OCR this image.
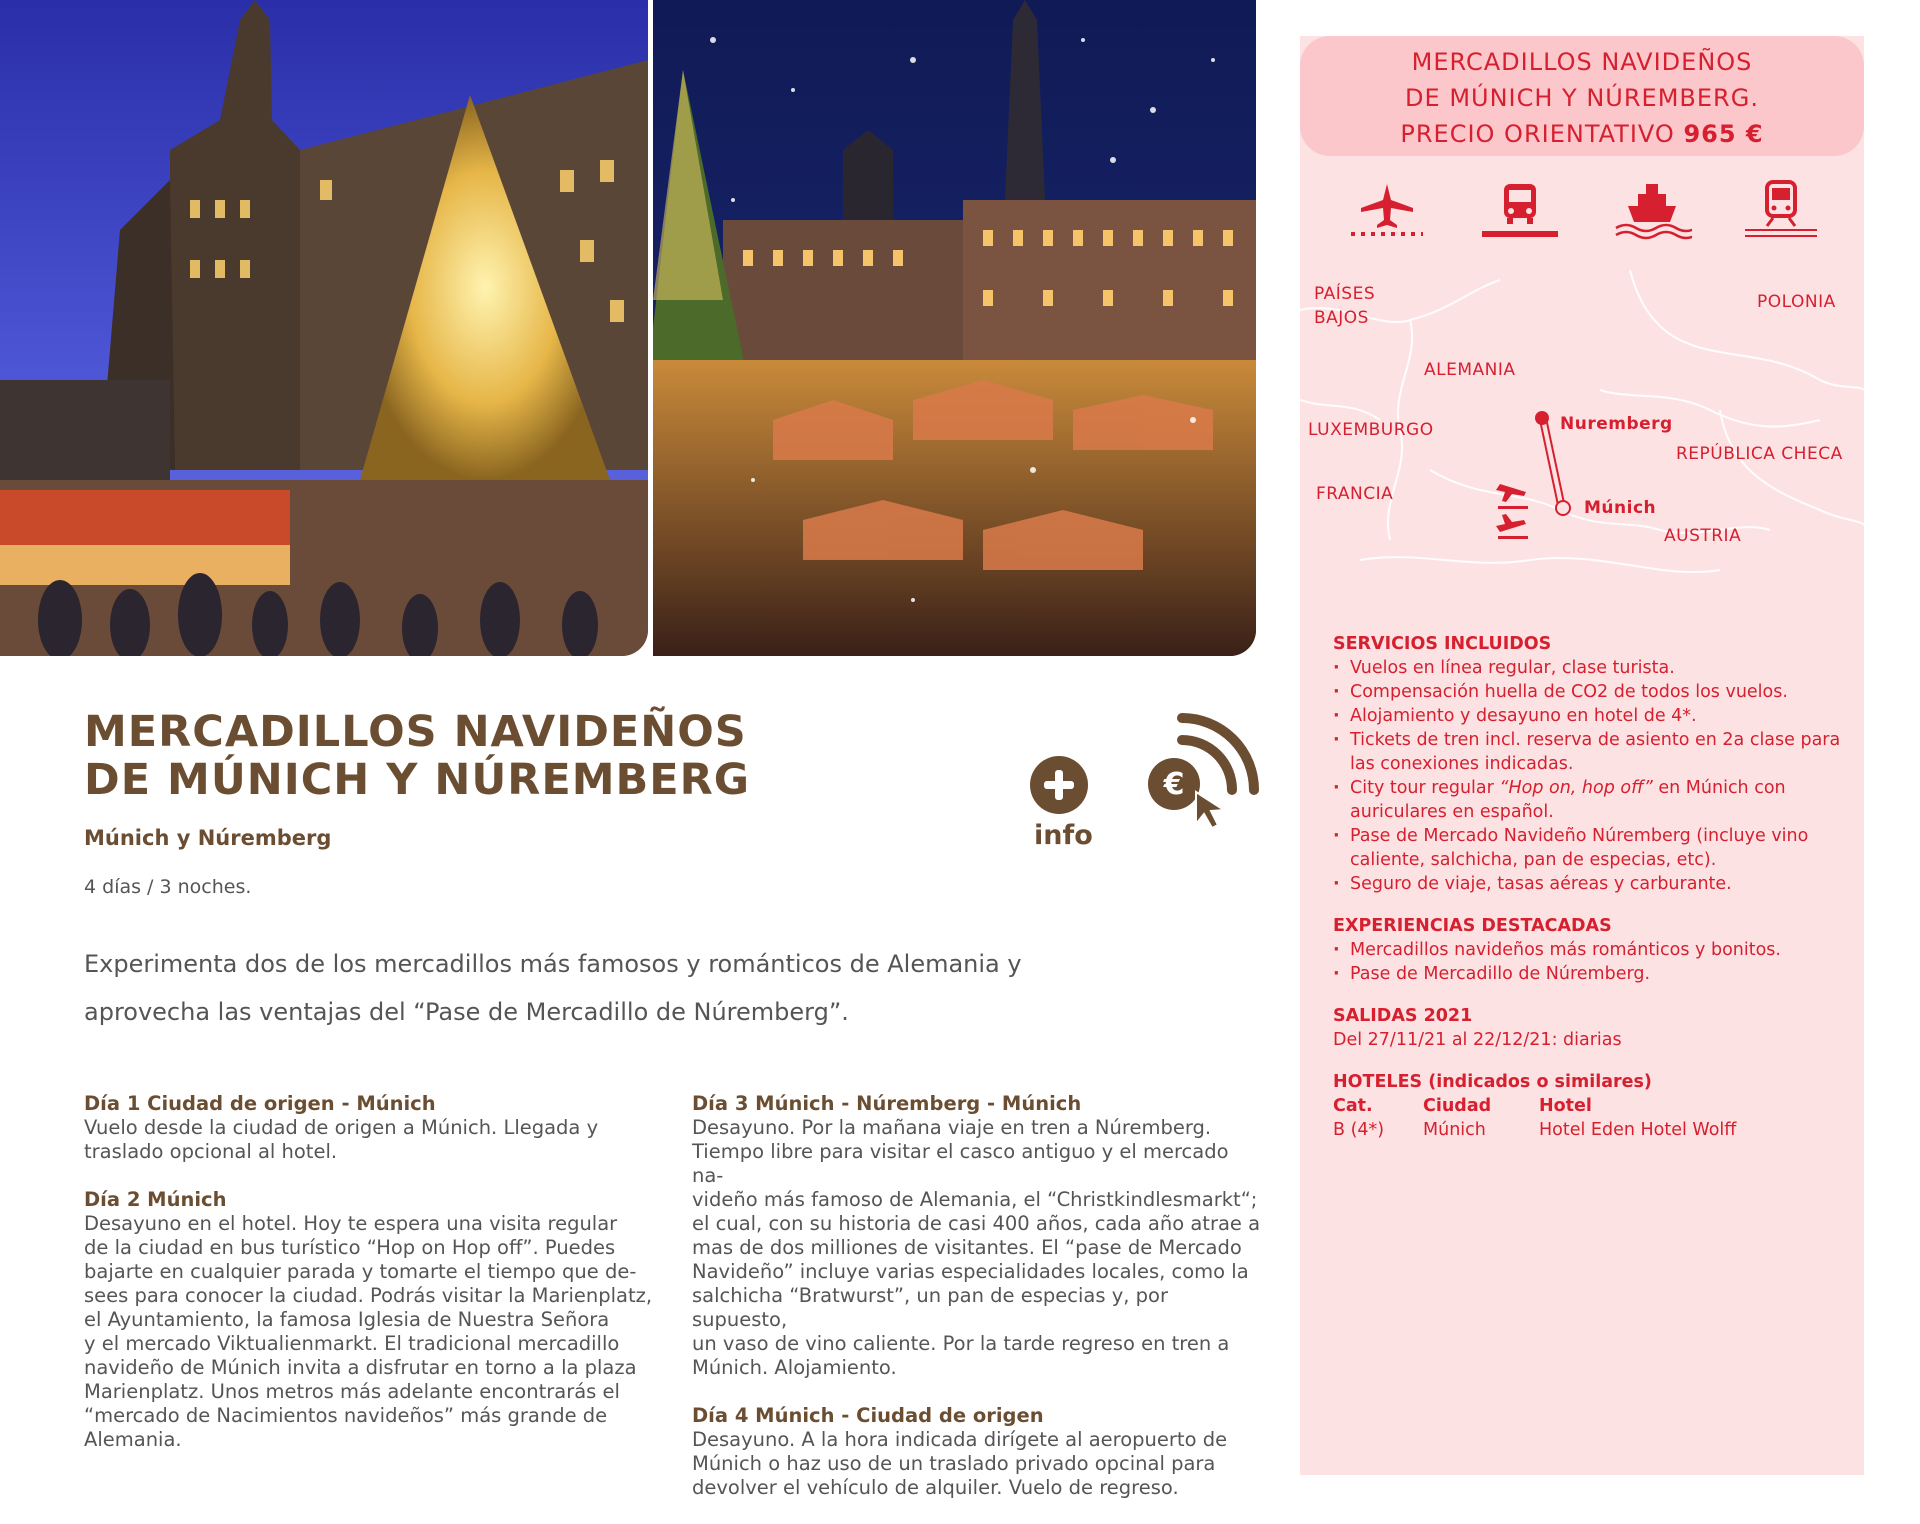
MERCADILLOS NAVIDEÑOS
DE MÚNICH Y NÚREMBERG
Múnich y Núremberg
4 días / 3 noches.
Experimenta dos de los mercadillos más famosos y románticos de Alemania y
aprovecha las ventajas del “Pase de Mercadillo de Núremberg”.
info
€
Día 1 Ciudad de origen - Múnich

Vuelo desde la ciudad de origen a Múnich. Llegada y
traslado opcional al hotel.

Día 2 Múnich

Desayuno en el hotel. Hoy te espera una visita regular
de la ciudad en bus turístico “Hop on Hop off”. Puedes
bajarte en cualquier parada y tomarte el tiempo que de-
sees para conocer la ciudad. Podrás visitar la Marienplatz,
el Ayuntamiento, la famosa Iglesia de Nuestra Señora
y el mercado Viktualienmarkt. El tradicional mercadillo
navideño de Múnich invita a disfrutar en torno a la plaza
Marienplatz. Unos metros más adelante encontrarás el
“mercado de Nacimientos navideños” más grande de
Alemania.

Día 3 Múnich - Núremberg - Múnich

Desayuno. Por la mañana viaje en tren a Núremberg.
Tiempo libre para visitar el casco antiguo y el mercado na-
videño más famoso de Alemania, el “Christkindlesmarkt“;
el cual, con su historia de casi 400 años, cada año atrae a
mas de dos milliones de visitantes. El “pase de Mercado
Navideño” incluye varias especialidades locales, como la
salchicha “Bratwurst”, un pan de especias y, por supuesto,
un vaso de vino caliente. Por la tarde regreso en tren a
Múnich. Alojamiento.

Día 4 Múnich - Ciudad de origen

Desayuno. A la hora indicada dirígete al aeropuerto de
Múnich o haz uso de un traslado privado opcinal para
devolver el vehículo de alquiler. Vuelo de regreso.

MERCADILLOS NAVIDEÑOS
DE MÚNICH Y NÚREMBERG.
PRECIO ORIENTATIVO 965 €
PAÍSES
BAJOS
POLONIA
ALEMANIA
LUXEMBURGO
REPÚBLICA CHECA
FRANCIA
AUSTRIA
Nuremberg
Múnich
SERVICIOS INCLUIDOS
· Vuelos en línea regular, clase turista.
· Compensación huella de CO2 de todos los vuelos.
· Alojamiento y desayuno en hotel de 4*.
· Tickets de tren incl. reserva de asiento en 2a clase para
las conexiones indicadas.
· City tour regular “Hop on, hop off” en Múnich con
auriculares en español.
· Pase de Mercado Navideño Núremberg (incluye vino
caliente, salchicha, pan de especias, etc).
· Seguro de viaje, tasas aéreas y carburante.
EXPERIENCIAS DESTACADAS
· Mercadillos navideños más románticos y bonitos.
· Pase de Mercadillo de Núremberg.
SALIDAS 2021

Del 27/11/21 al 22/12/21: diarias

HOTELES (indicados o similares)
Cat.	Ciudad	Hotel
B (4*)	Múnich	Hotel Eden Hotel Wolff
